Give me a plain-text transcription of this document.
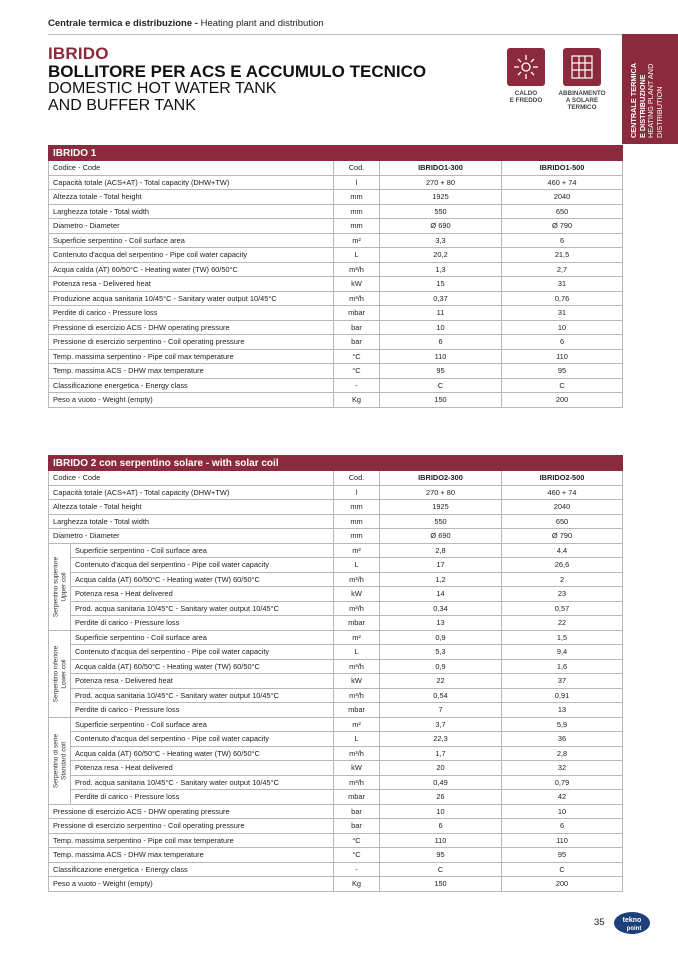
Centrale termica e distribuzione - Heating plant and distribution
IBRIDO
BOLLITORE PER ACS E ACCUMULO TECNICO
DOMESTIC HOT WATER TANK
AND BUFFER TANK
CALDO
E FREDDO
ABBINAMENTO
A SOLARE
TERMICO	CENTRALE TERMICA E DISTRIBUZIONE HEATING PLANT AND DISTRIBUTION
IBRIDO 1			
Codice - Code	Cod.	IBRIDO1-300	IBRIDO1-500
Capacità totale (ACS+AT) - Total capacity (DHW+TW)	l	270 + 80	460 + 74
Altezza totale - Total height	mm	1925	2040
Larghezza totale - Total width	mm	550	650
Diametro - Diameter	mm	Ø 690	Ø 790
Superficie serpentino - Coil surface area	m²	3,3	6
Contenuto d'acqua del serpentino - Pipe coil water capacity	L	20,2	21,5
Acqua calda (AT) 60/50°C - Heating water (TW) 60/50°C	m³/h	1,3	2,7
Potenza resa - Delivered heat	kW	15	31
Produzione acqua sanitaria 10/45°C - Sanitary water output 10/45°C	m³/h	0,37	0,76
Perdite di carico - Pressure loss	mbar	11	31
Pressione di esercizio ACS - DHW operating pressure	bar	10	10
Pressione di esercizio serpentino - Coil operating pressure	bar	6	6
Temp. massima serpentino - Pipe coil max temperature	°C	110	110
Temp. massima ACS - DHW max temperature	°C	95	95
Classificazione energetica - Energy class	-	C	C
Peso a vuoto - Weight (empty)	Kg	150	200
IBRIDO 2 con serpentino solare - with solar coil				
Codice - Code		Cod.	IBRIDO2-300	IBRIDO2-500
Capacità totale (ACS+AT) - Total capacity (DHW+TW)		l	270 + 80	460 + 74
Altezza totale - Total height		mm	1925	2040
Larghezza totale - Total width		mm	550	650
Diametro - Diameter		mm	Ø 690	Ø 790

Serpentino superiore Upper coil	Superficie serpentino - Coil surface area	m²	2,8	4,4
	Contenuto d'acqua del serpentino - Pipe coil water capacity	L	17	26,6
	Acqua calda (AT) 60/50°C - Heating water (TW) 60/50°C	m³/h	1,2	2
	Potenza resa - Heat delivered	kW	14	23
	Prod. acqua sanitaria 10/45°C - Sanitary water output 10/45°C	m³/h	0,34	0,57
	Perdite di carico - Pressure loss	mbar	13	22

Serpentino inferiore Lower coil	Superficie serpentino - Coil surface area	m²	0,9	1,5
	Contenuto d'acqua del serpentino - Pipe coil water capacity	L	5,3	9,4
	Acqua calda (AT) 60/50°C - Heating water (TW) 60/50°C	m³/h	0,9	1,6
	Potenza resa - Delivered heat	kW	22	37
	Prod. acqua sanitaria 10/45°C - Sanitary water output 10/45°C	m³/h	0,54	0,91
	Perdite di carico - Pressure loss	mbar	7	13

Serpentino di serie Standard coil	Superficie serpentino - Coil surface area	m²	3,7	5,9
	Contenuto d'acqua del serpentino - Pipe coil water capacity	L	22,3	36
	Acqua calda (AT) 60/50°C - Heating water (TW) 60/50°C	m³/h	1,7	2,8
	Potenza resa - Heat delivered	kW	20	32
	Prod. acqua sanitaria 10/45°C - Sanitary water output 10/45°C	m³/h	0,49	0,79
	Perdite di carico - Pressure loss	mbar	26	42
Pressione di esercizio ACS - DHW operating pressure		bar	10	10
Pressione di esercizio serpentino - Coil operating pressure		bar	6	6
Temp. massima serpentino - Pipe coil max temperature		°C	110	110
Temp. massima ACS - DHW max temperature		°C	95	95
Classificazione energetica - Energy class		-	C	C
Peso a vuoto - Weight (empty)		Kg	150	200
35	tekno
point
